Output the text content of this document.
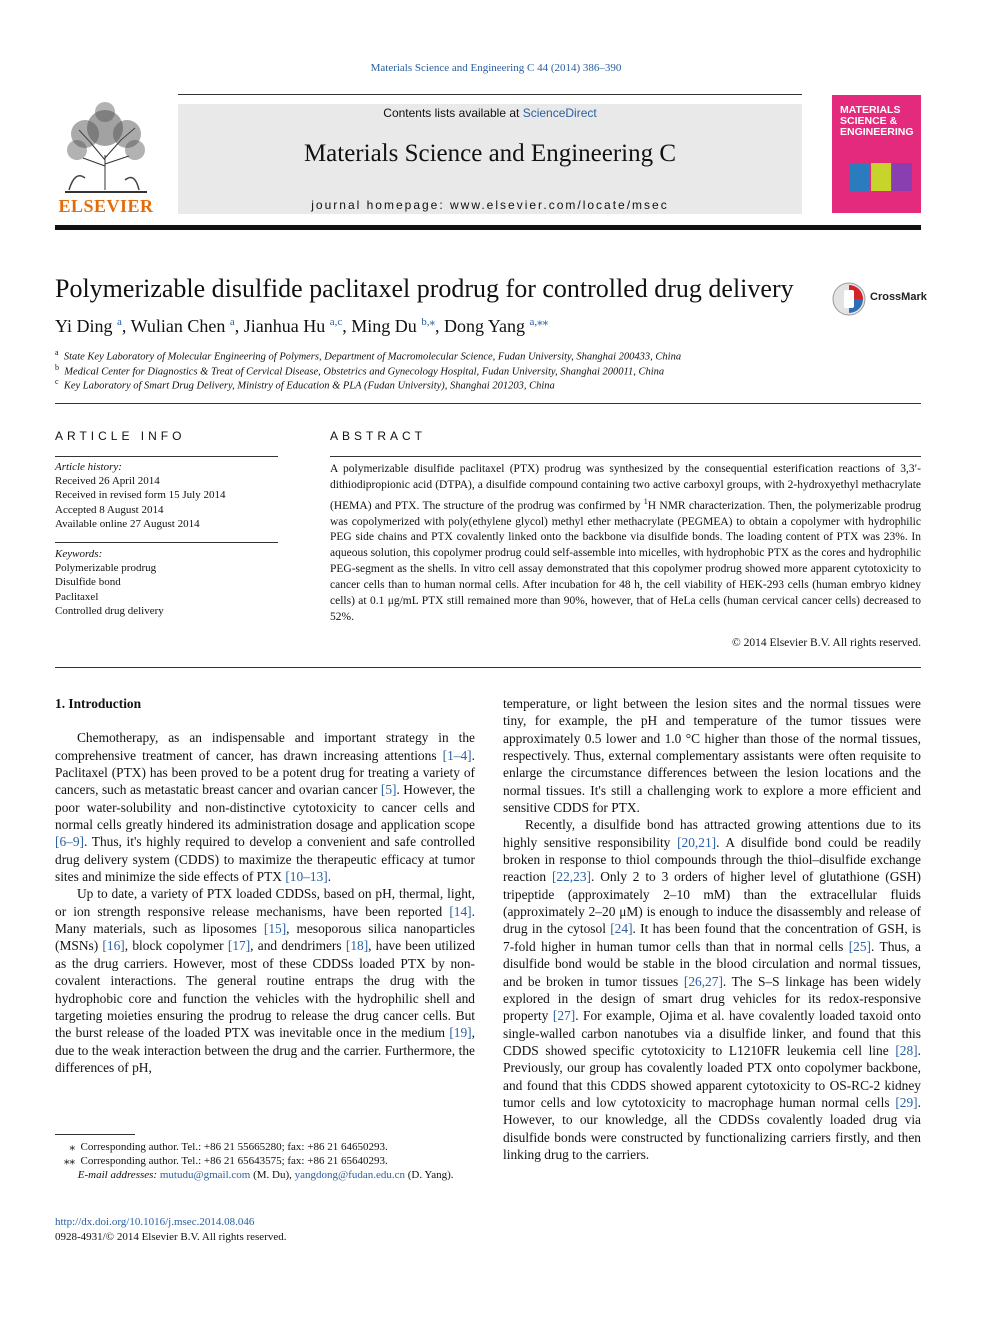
Materials Science and Engineering C 44 (2014) 386–390
ELSEVIER
Contents lists available at ScienceDirect
Materials Science and Engineering C
journal homepage: www.elsevier.com/locate/msec
MATERIALS
SCIENCE &
ENGINEERING
Polymerizable disulfide paclitaxel prodrug for controlled drug delivery	CrossMark
Yi Ding $^a$, Wulian Chen $^a$, Jianhua Hu $^{a,c}$, Ming Du $^{b,⁎}$, Dong Yang $^{a,⁎⁎}$
$^a$ State Key Laboratory of Molecular Engineering of Polymers, Department of Macromolecular Science, Fudan University, Shanghai 200433, China
$^b$ Medical Center for Diagnostics & Treat of Cervical Disease, Obstetrics and Gynecology Hospital, Fudan University, Shanghai 200011, China
$^c$ Key Laboratory of Smart Drug Delivery, Ministry of Education & PLA (Fudan University), Shanghai 201203, China
ARTICLE INFO
Article history:
Received 26 April 2014
Received in revised form 15 July 2014
Accepted 8 August 2014
Available online 27 August 2014
Keywords:
Polymerizable prodrug
Disulfide bond
Paclitaxel
Controlled drug delivery
ABSTRACT
A polymerizable disulfide paclitaxel (PTX) prodrug was synthesized by the consequential esterification reactions of 3,3′-dithiodipropionic acid (DTPA), a disulfide compound containing two active carboxyl groups, with 2-hydroxyethyl methacrylate (HEMA) and PTX. The structure of the prodrug was confirmed by $^1$H NMR characterization. Then, the polymerizable prodrug was copolymerized with poly(ethylene glycol) methyl ether methacrylate (PEGMEA) to obtain a copolymer with hydrophilic PEG side chains and PTX covalently linked onto the backbone via disulfide bonds. The loading content of PTX was 23%. In aqueous solution, this copolymer prodrug could self-assemble into micelles, with hydrophobic PTX as the cores and hydrophilic PEG-segment as the shells. In vitro cell assay demonstrated that this copolymer prodrug showed more apparent cytotoxicity to cancer cells than to human normal cells. After incubation for 48 h, the cell viability of HEK-293 cells (human embryo kidney cells) at 0.1 μg/mL PTX still remained more than 90%, however, that of HeLa cells (human cervical cancer cells) decreased to 52%.
© 2014 Elsevier B.V. All rights reserved.
1. Introduction

Chemotherapy, as an indispensable and important strategy in the comprehensive treatment of cancer, has drawn increasing attentions [1–4]. Paclitaxel (PTX) has been proved to be a potent drug for treating a variety of cancers, such as metastatic breast cancer and ovarian cancer [5]. However, the poor water-solubility and non-distinctive cytotoxicity to cancer cells and normal cells greatly hindered its administration dosage and application scope [6–9]. Thus, it's highly required to develop a convenient and safe controlled drug delivery system (CDDS) to maximize the therapeutic efficacy at tumor sites and minimize the side effects of PTX [10–13].

Up to date, a variety of PTX loaded CDDSs, based on pH, thermal, light, or ion strength responsive release mechanisms, have been reported [14]. Many materials, such as liposomes [15], mesoporous silica nanoparticles (MSNs) [16], block copolymer [17], and dendrimers [18], have been utilized as the drug carriers. However, most of these CDDSs loaded PTX by non-covalent interactions. The general routine entraps the drug with the hydrophobic core and function the vehicles with the hydrophilic shell and targeting moieties ensuring the prodrug to release the drug cancer cells. But the burst release of the loaded PTX was inevitable once in the medium [19], due to the weak interaction between the drug and the carrier. Furthermore, the differences of pH,

temperature, or light between the lesion sites and the normal tissues were tiny, for example, the pH and temperature of the tumor tissues were approximately 0.5 lower and 1.0 °C higher than those of the normal tissues, respectively. Thus, external complementary assistants were often requisite to enlarge the circumstance differences between the lesion locations and the normal tissues. It's still a challenging work to explore a more efficient and sensitive CDDS for PTX.

Recently, a disulfide bond has attracted growing attentions due to its highly sensitive responsibility [20,21]. A disulfide bond could be readily broken in response to thiol compounds through the thiol–disulfide exchange reaction [22,23]. Only 2 to 3 orders of higher level of glutathione (GSH) tripeptide (approximately 2–10 mM) than the extracellular fluids (approximately 2–20 μM) is enough to induce the disassembly and release of drug in the cytosol [24]. It has been found that the concentration of GSH, is 7-fold higher in human tumor cells than that in normal cells [25]. Thus, a disulfide bond would be stable in the blood circulation and normal tissues, and be broken in tumor tissues [26,27]. The S–S linkage has been widely explored in the design of smart drug vehicles for its redox-responsive property [27]. For example, Ojima et al. have covalently loaded taxoid onto single-walled carbon nanotubes via a disulfide linker, and found that this CDDS showed specific cytotoxicity to L1210FR leukemia cell line [28]. Previously, our group has covalently loaded PTX onto copolymer backbone, and found that this CDDS showed apparent cytotoxicity to OS-RC-2 kidney tumor cells and low cytotoxicity to macrophage human normal cells [29]. However, to our knowledge, all the CDDSs covalently loaded drug via disulfide bonds were constructed by functionalizing carriers firstly, and then linking drug to the carriers.

⁎ Corresponding author. Tel.: +86 21 55665280; fax: +86 21 64650293.
⁎⁎ Corresponding author. Tel.: +86 21 65643575; fax: +86 21 65640293.
E-mail addresses: mutudu@gmail.com (M. Du), yangdong@fudan.edu.cn (D. Yang).
http://dx.doi.org/10.1016/j.msec.2014.08.046
0928-4931/© 2014 Elsevier B.V. All rights reserved.
